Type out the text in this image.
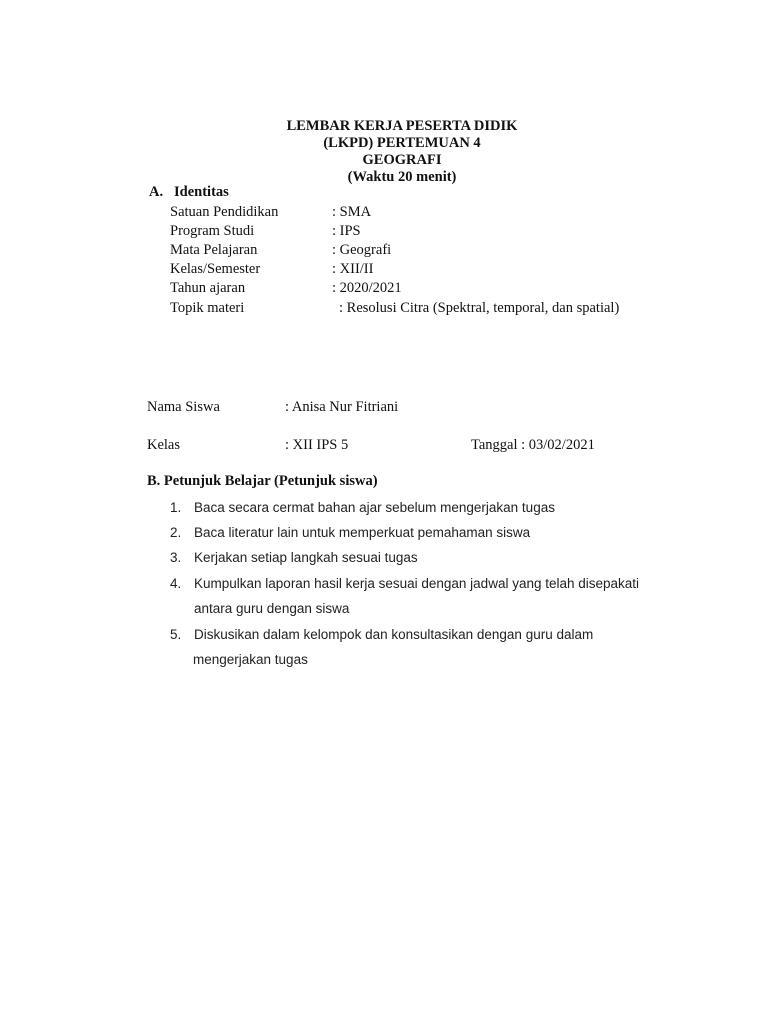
LEMBAR KERJA PESERTA DIDIK
(LKPD) PERTEMUAN 4
GEOGRAFI
(Waktu 20 menit)
A. Identitas
Satuan Pendidikan	: SMA
Program Studi	: IPS
Mata Pelajaran	: Geografi
Kelas/Semester	: XII/II
Tahun ajaran	: 2020/2021
Topik materi	: Resolusi Citra (Spektral, temporal, dan spatial)
Nama Siswa	: Anisa Nur Fitriani
Kelas	: XII IPS 5	Tanggal : 03/02/2021
B. Petunjuk Belajar (Petunjuk siswa)
1. Baca secara cermat bahan ajar sebelum mengerjakan tugas
2. Baca literatur lain untuk memperkuat pemahaman siswa
3. Kerjakan setiap langkah sesuai tugas
4. Kumpulkan laporan hasil kerja sesuai dengan jadwal yang telah disepakati
antara guru dengan siswa
5. Diskusikan dalam kelompok dan konsultasikan dengan guru dalam
mengerjakan tugas
